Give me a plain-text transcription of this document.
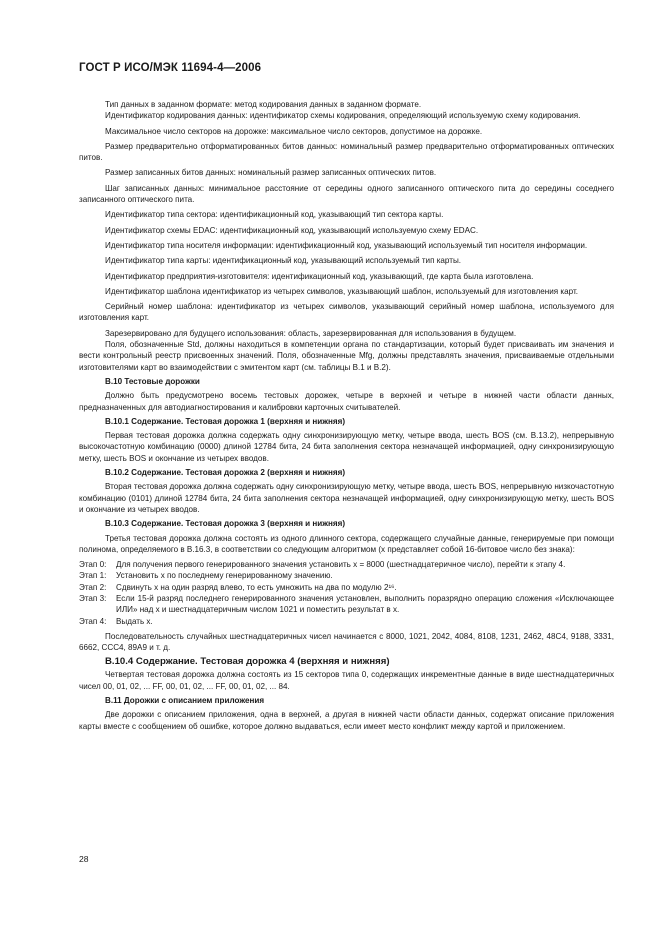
ГОСТ Р ИСО/МЭК 11694-4—2006

Тип данных в заданном формате: метод кодирования данных в заданном формате.

Идентификатор кодирования данных: идентификатор схемы кодирования, определяющий используемую схему кодирования.

Максимальное число секторов на дорожке: максимальное число секторов, допустимое на дорожке.

Размер предварительно отформатированных битов данных: номинальный размер предварительно отформатированных оптических питов.

Размер записанных битов данных: номинальный размер записанных оптических питов.

Шаг записанных данных: минимальное расстояние от середины одного записанного оптического пита до середины соседнего записанного оптического пита.

Идентификатор типа сектора: идентификационный код, указывающий тип сектора карты.

Идентификатор схемы EDAC: идентификационный код, указывающий используемую схему EDAC.

Идентификатор типа носителя информации: идентификационный код, указывающий используемый тип носителя информации.

Идентификатор типа карты: идентификационный код, указывающий используемый тип карты.

Идентификатор предприятия-изготовителя: идентификационный код, указывающий, где карта была изготовлена.

Идентификатор шаблона идентификатор из четырех символов, указывающий шаблон, используемый для изготовления карт.

Серийный номер шаблона: идентификатор из четырех символов, указывающий серийный номер шаблона, используемого для изготовления карт.

Зарезервировано для будущего использования: область, зарезервированная для использования в будущем.

Поля, обозначенные Std, должны находиться в компетенции органа по стандартизации, который будет присваивать им значения и вести контрольный реестр присвоенных значений. Поля, обозначенные Mfg, должны представлять значения, присваиваемые отдельными изготовителями карт во взаимодействии с эмитентом карт (см. таблицы В.1 и В.2).

В.10 Тестовые дорожки

Должно быть предусмотрено восемь тестовых дорожек, четыре в верхней и четыре в нижней части области данных, предназначенных для автодиагностирования и калибровки карточных считывателей.

В.10.1 Содержание. Тестовая дорожка 1 (верхняя и нижняя)

Первая тестовая дорожка должна содержать одну синхронизирующую метку, четыре ввода, шесть BOS (см. В.13.2), непрерывную высокочастотную комбинацию (0000) длиной 12784 бита, 24 бита заполнения сектора незначащей информацией, одну синхронизирующую метку, шесть BOS и окончание из четырех вводов.

В.10.2 Содержание. Тестовая дорожка 2 (верхняя и нижняя)

Вторая тестовая дорожка должна содержать одну синхронизирующую метку, четыре ввода, шесть BOS, непрерывную низкочастотную комбинацию (0101) длиной 12784 бита, 24 бита заполнения сектора незначащей информацией, одну синхронизирующую метку, шесть BOS и окончание из четырех вводов.

В.10.3 Содержание. Тестовая дорожка 3 (верхняя и нижняя)

Третья тестовая дорожка должна состоять из одного длинного сектора, содержащего случайные данные, генерируемые при помощи полинома, определяемого в В.16.3, в соответствии со следующим алгоритмом (x представляет собой 16-битовое число без знака):

Этап 0:	Для получения первого генерированного значения установить x = 8000 (шестнадцатеричное число), перейти к этапу 4.
Этап 1:	Установить x по последнему генерированному значению.
Этап 2:	Сдвинуть x на один разряд влево, то есть умножить на два по модулю 2¹⁶.
Этап 3:	Если 15-й разряд последнего генерированного значения установлен, выполнить поразрядно операцию сложения «Исключающее ИЛИ» над x и шестнадцатеричным числом 1021 и поместить результат в x.
Этап 4:	Выдать x.

Последовательность случайных шестнадцатеричных чисел начинается с 8000, 1021, 2042, 4084, 8108, 1231, 2462, 48C4, 9188, 3331, 6662, CCC4, 89A9 и т. д.

В.10.4 Содержание. Тестовая дорожка 4 (верхняя и нижняя)

Четвертая тестовая дорожка должна состоять из 15 секторов типа 0, содержащих инкрементные данные в виде шестнадцатеричных чисел 00, 01, 02, ... FF, 00, 01, 02, ... FF, 00, 01, 02, ... 84.

В.11 Дорожки с описанием приложения

Две дорожки с описанием приложения, одна в верхней, а другая в нижней части области данных, содержат описание приложения карты вместе с сообщением об ошибке, которое должно выдаваться, если имеет место конфликт между картой и приложением.

28
